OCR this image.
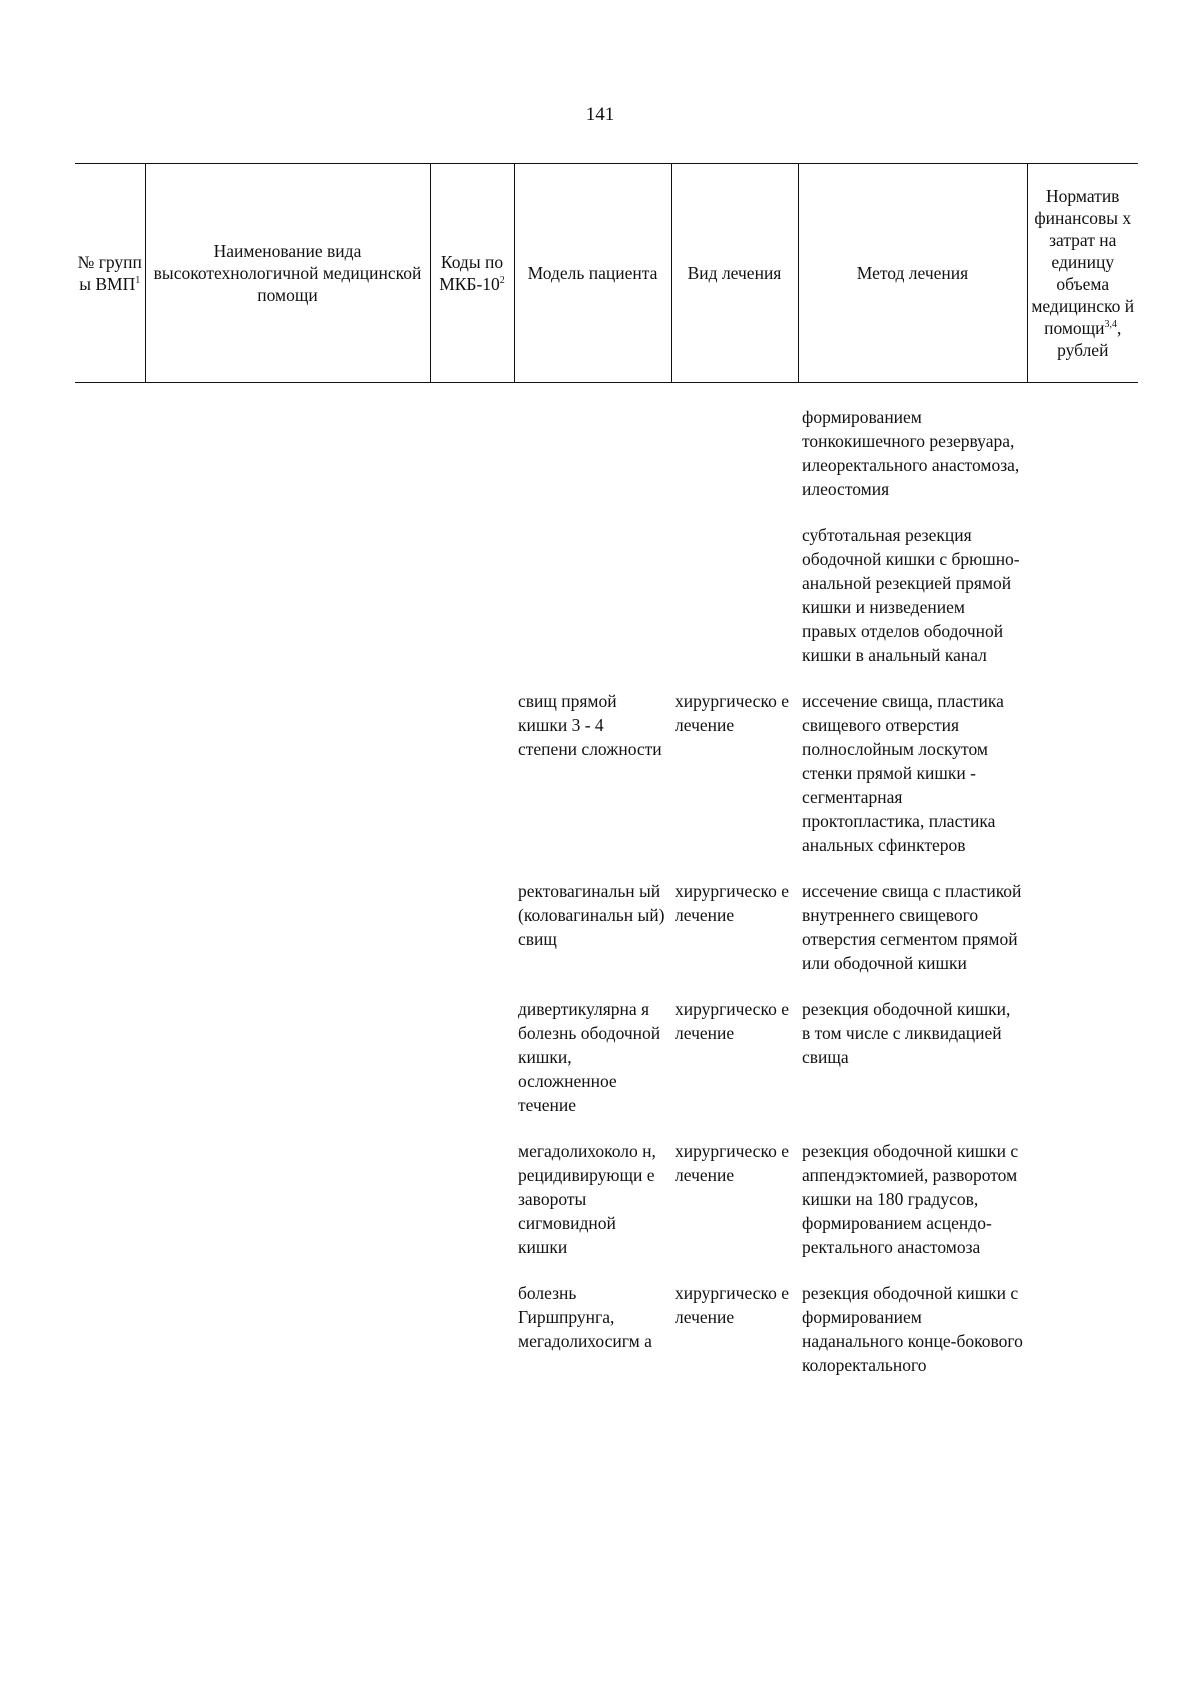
141
№ групп ы ВМП$^1$	Наименование вида высокотехнологичной медицинской помощи	Коды по МКБ-$10^2$	Модель пациента	Вид лечения	Метод лечения	Норматив финансовы х затрат на единицу объема медицинско й помощи$^{3,4}$, рублей

					формированием тонкокишечного резервуара, илеоректального анастомоза, илеостомия	
					субтотальная резекция ободочной кишки с брюшно-анальной резекцией прямой кишки и низведением правых отделов ободочной кишки в анальный канал	
			свищ прямой кишки 3 - 4 степени сложности	хирургическо е лечение	иссечение свища, пластика свищевого отверстия полнослойным лоскутом стенки прямой кишки - сегментарная проктопластика, пластика анальных сфинктеров	
			ректовагинальн ый (коловагинальн ый) свищ	хирургическо е лечение	иссечение свища с пластикой внутреннего свищевого отверстия сегментом прямой или ободочной кишки	
			дивертикулярна я болезнь ободочной кишки, осложненное течение	хирургическо е лечение	резекция ободочной кишки, в том числе с ликвидацией свища	
			мегадолихоколо н, рецидивирующи е завороты сигмовидной кишки	хирургическо е лечение	резекция ободочной кишки с аппендэктомией, разворотом кишки на 180 градусов, формированием асцендо-ректального анастомоза	
			болезнь Гиршпрунга, мегадолихосигм а	хирургическо е лечение	резекция ободочной кишки с формированием наданального конце-бокового колоректального	
